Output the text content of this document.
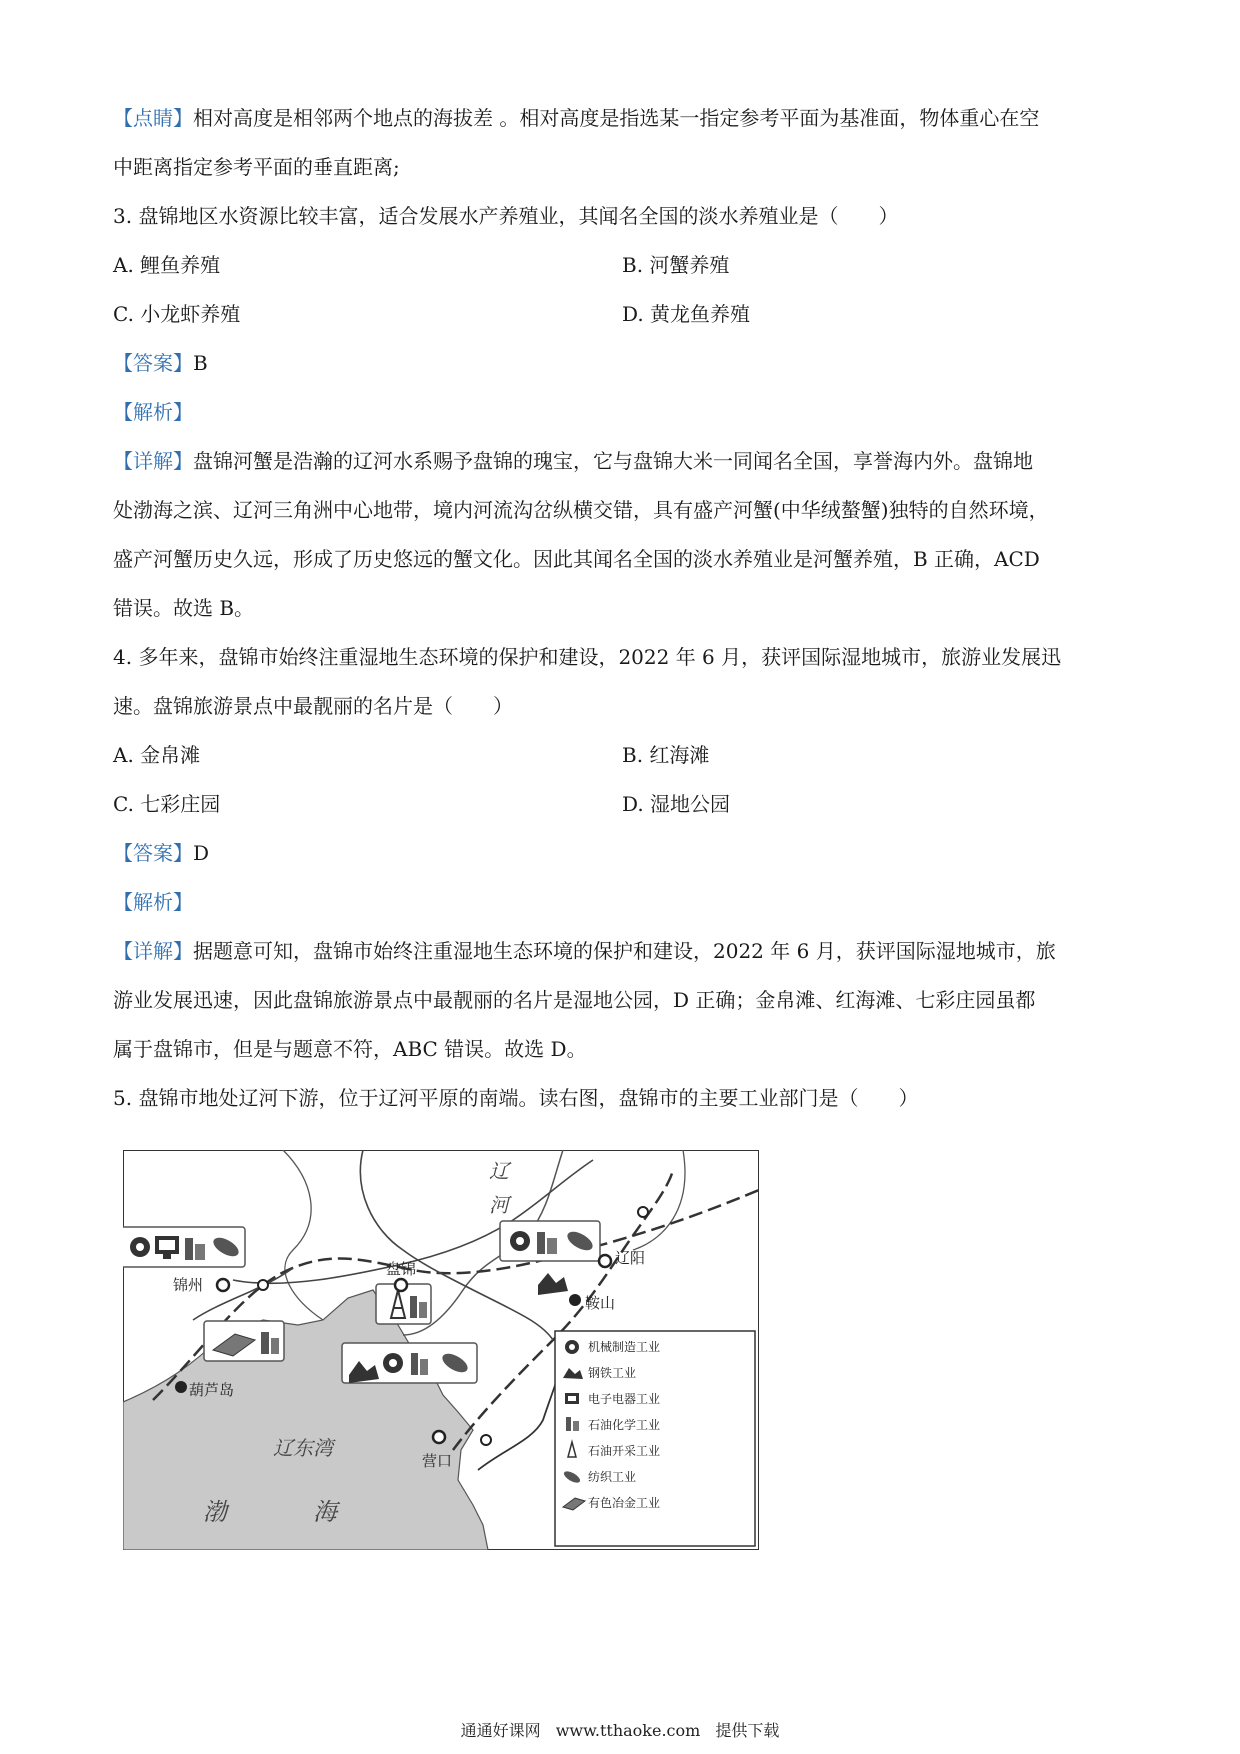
【点睛】相对高度是相邻两个地点的海拔差 。相对高度是指选某一指定参考平面为基准面，物体重心在空
中距离指定参考平面的垂直距离;
3. 盘锦地区水资源比较丰富，适合发展水产养殖业，其闻名全国的淡水养殖业是（　　）
A. 鲤鱼养殖	B. 河蟹养殖
C. 小龙虾养殖	D. 黄龙鱼养殖
【答案】B
【解析】
【详解】盘锦河蟹是浩瀚的辽河水系赐予盘锦的瑰宝，它与盘锦大米一同闻名全国，享誉海内外。盘锦地
处渤海之滨、辽河三角洲中心地带，境内河流沟岔纵横交错，具有盛产河蟹(中华绒螯蟹)独特的自然环境，
盛产河蟹历史久远，形成了历史悠远的蟹文化。因此其闻名全国的淡水养殖业是河蟹养殖，B 正确，ACD
错误。故选 B。
4. 多年来，盘锦市始终注重湿地生态环境的保护和建设，2022 年 6 月，获评国际湿地城市，旅游业发展迅
速。盘锦旅游景点中最靓丽的名片是（　　）
A. 金帛滩	B. 红海滩
C. 七彩庄园	D. 湿地公园
【答案】D
【解析】
【详解】据题意可知，盘锦市始终注重湿地生态环境的保护和建设，2022 年 6 月，获评国际湿地城市，旅
游业发展迅速，因此盘锦旅游景点中最靓丽的名片是湿地公园，D 正确；金帛滩、红海滩、七彩庄园虽都
属于盘锦市，但是与题意不符，ABC 错误。故选 D。
5. 盘锦市地处辽河下游，位于辽河平原的南端。读右图，盘锦市的主要工业部门是（　　）
辽
河
锦州
盘锦
辽阳
鞍山
葫芦岛
营口
辽东湾
渤	海
机械制造工业
钢铁工业
电子电器工业
石油化学工业
石油开采工业
纺织工业
有色冶金工业
通通好课网 www.tthaoke.com 提供下载
